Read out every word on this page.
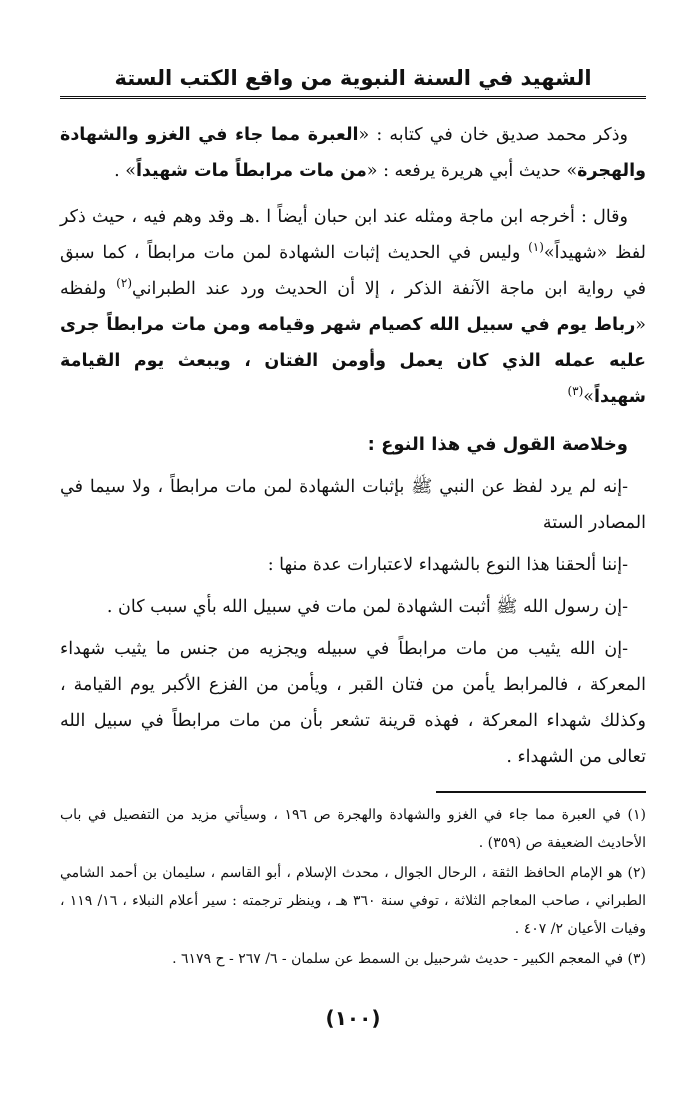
الشهيد في السنة النبوية من واقع الكتب الستة

وذكر محمد صديق خان في كتابه : «العبرة مما جاء في الغزو والشهادة والهجرة» حديث أبي هريرة يرفعه : «من مات مرابطاً مات شهيداً» .

وقال : أخرجه ابن ماجة ومثله عند ابن حبان أيضاً ا .هـ وقد وهم فيه ، حيث ذكر لفظ «شهيداً»$^{(١)}$ وليس في الحديث إثبات الشهادة لمن مات مرابطاً ، كما سبق في رواية ابن ماجة الآنفة الذكر ، إلا أن الحديث ورد عند الطبراني$^{(٢)}$ ولفظه «رباط يوم في سبيل الله كصيام شهر وقيامه ومن مات مرابطاً جرى عليه عمله الذي كان يعمل وأومن الفتان ، ويبعث يوم القيامة شهيداً»$^{(٣)}$

وخلاصة القول في هذا النوع :

-إنه لم يرد لفظ عن النبي ﷺ بإثبات الشهادة لمن مات مرابطاً ، ولا سيما في المصادر الستة

-إننا ألحقنا هذا النوع بالشهداء لاعتبارات عدة منها :

-إن رسول الله ﷺ أثبت الشهادة لمن مات في سبيل الله بأي سبب كان .

-إن الله يثيب من مات مرابطاً في سبيله ويجزيه من جنس ما يثيب شهداء المعركة ، فالمرابط يأمن من فتان القبر ، ويأمن من الفزع الأكبر يوم القيامة ، وكذلك شهداء المعركة ، فهذه قرينة تشعر بأن من مات مرابطاً في سبيل الله تعالى من الشهداء .

(١) في العبرة مما جاء في الغزو والشهادة والهجرة ص ١٩٦ ، وسيأتي مزيد من التفصيل في باب الأحاديث الضعيفة ص (٣٥٩) .

(٢) هو الإمام الحافظ الثقة ، الرحال الجوال ، محدث الإسلام ، أبو القاسم ، سليمان بن أحمد الشامي الطبراني ، صاحب المعاجم الثلاثة ، توفي سنة ٣٦٠ هـ ، وينظر ترجمته : سير أعلام النبلاء ، ١٦/ ١١٩ ، وفيات الأعيان ٢/ ٤٠٧ .

(٣) في المعجم الكبير - حديث شرحبيل بن السمط عن سلمان - ٦/ ٢٦٧ - ح ٦١٧٩ .

(١٠٠)
